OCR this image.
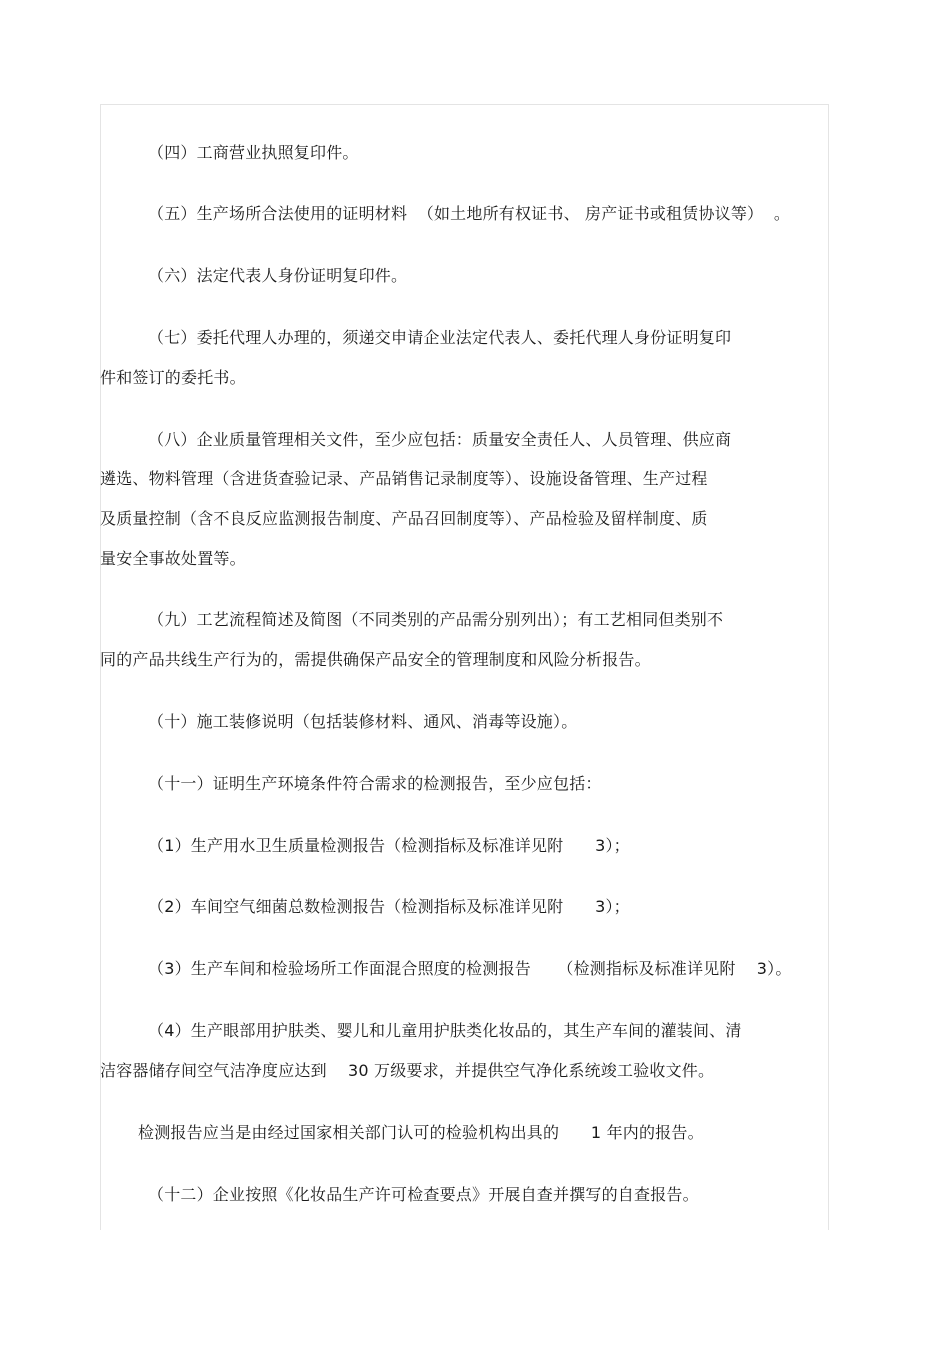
（四）工商营业执照复印件。
（五）生产场所合法使用的证明材料  （如土地所有权证书、 房产证书或租赁协议等）  。
（六）法定代表人身份证明复印件。
（七）委托代理人办理的，须递交申请企业法定代表人、委托代理人身份证明复印
件和签订的委托书。
（八）企业质量管理相关文件，至少应包括：质量安全责任人、人员管理、供应商
遴选、物料管理（含进货查验记录、产品销售记录制度等）、设施设备管理、生产过程
及质量控制（含不良反应监测报告制度、产品召回制度等）、产品检验及留样制度、质
量安全事故处置等。
（九）工艺流程简述及简图（不同类别的产品需分别列出）；有工艺相同但类别不
同的产品共线生产行为的，需提供确保产品安全的管理制度和风险分析报告。
（十）施工装修说明（包括装修材料、通风、消毒等设施）。
（十一）证明生产环境条件符合需求的检测报告，至少应包括：
（1）生产用水卫生质量检测报告（检测指标及标准详见附      3）；
（2）车间空气细菌总数检测报告（检测指标及标准详见附      3）；
（3）生产车间和检验场所工作面混合照度的检测报告     （检测指标及标准详见附    3）。
（4）生产眼部用护肤类、婴儿和儿童用护肤类化妆品的，其生产车间的灌装间、清
洁容器储存间空气洁净度应达到    30 万级要求，并提供空气净化系统竣工验收文件。
检测报告应当是由经过国家相关部门认可的检验机构出具的      1 年内的报告。
（十二）企业按照《化妆品生产许可检查要点》开展自查并撰写的自查报告。
